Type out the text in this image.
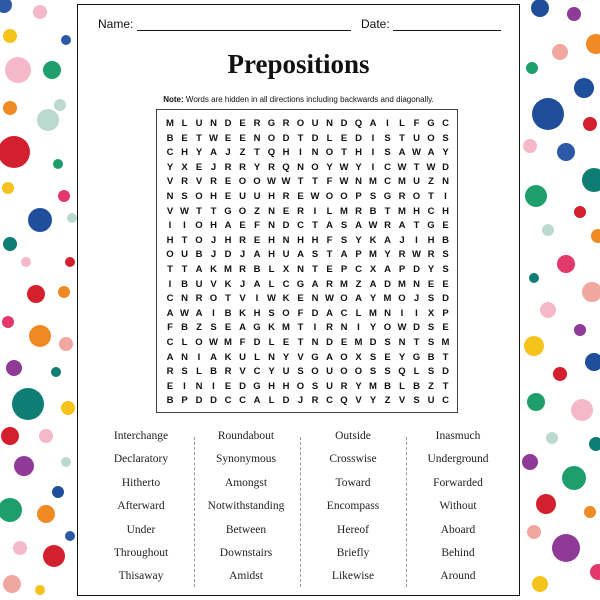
Name:	Date:
Prepositions
Note: Words are hidden in all directions including backwards and diagonally.
M L U N D E R G R O U N D Q A	I	L F G C
B E T W E E N O D T D L E D	I	S T U O S
C H Y A J Z T Q H	I	N O T H	I	S A W A Y
Y X E J R R Y R Q N O Y W Y	I	C W T W D
V R V R E O O W W T T F W N M C M U Z N
N S O H E U U H R E W O O P S G R O T	I
V W T T G O Z N E R	I	L M R B T M H C H
I	I O H A E F N D C T A S A W R A T G E
H T O J H R E H N H H F S Y K A J	I	H B
O U B J D J A H U A S T A P M Y R W R S
T T A K M R B L X N T E P C X A P D Y S
I	B U V K J A L C G A R M Z A D M N E E
C N R O T V	I W K E N W O A Y M O J S D
A W A	I	B K H S O F D A C L M N	I	I	X P
F B Z S E A G K M T	I	R N	I	Y O W D S E
C L O W M F D L E T N D E M D S N T S M
A N	I	A K U L N Y V G A O X S E Y G B T
R S L B R V C Y U S O U O O S S Q L S D
E	I	N	I	E D G H H O S U R Y M B L B Z T
B P D D C C A L D J R C Q V Y Z V S U C
Interchange
Declaratory
Hitherto
Afterward
Under
Throughout
Thisaway
Roundabout
Synonymous
Amongst
Notwithstanding
Between
Downstairs
Amidst
Outside
Crosswise
Toward
Encompass
Hereof
Briefly
Likewise
Inasmuch
Underground
Forwarded
Without
Aboard
Behind
Around
